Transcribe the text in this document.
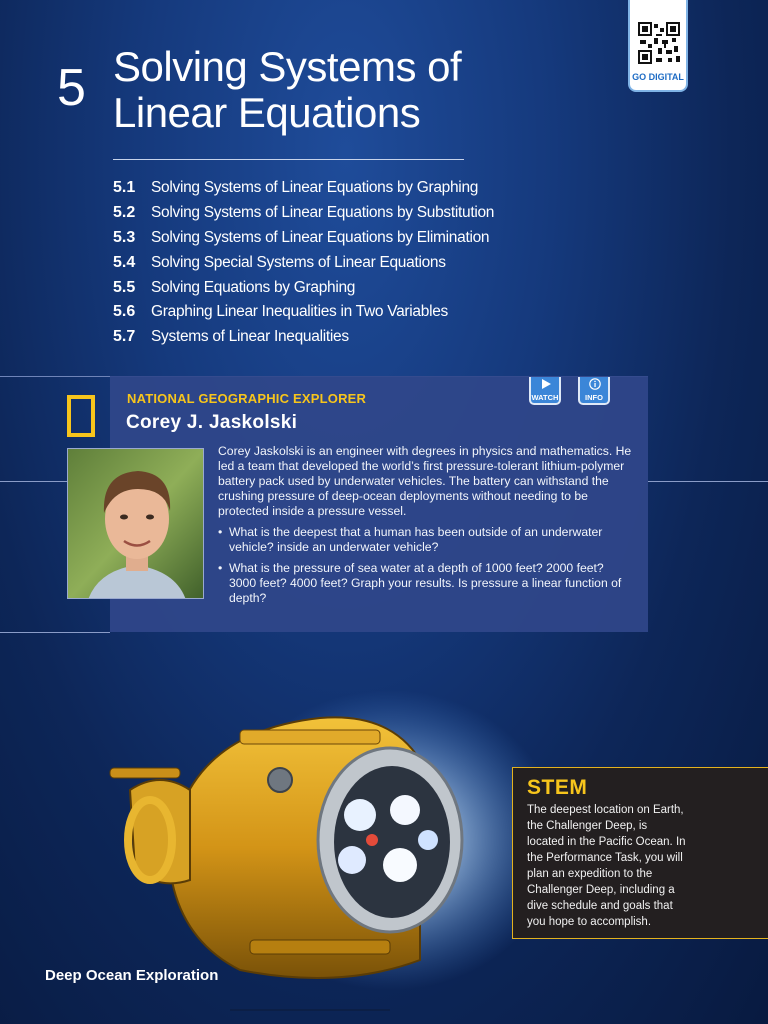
5 Solving Systems of
Linear Equations
5.1	Solving Systems of Linear Equations by Graphing
5.2	Solving Systems of Linear Equations by Substitution
5.3	Solving Systems of Linear Equations by Elimination
5.4	Solving Special Systems of Linear Equations
5.5	Solving Equations by Graphing
5.6	Graphing Linear Inequalities in Two Variables
5.7	Systems of Linear Inequalities
GO DIGITAL
NATIONAL GEOGRAPHIC EXPLORER
Corey J. Jaskolski
WATCH	INFO
Corey Jaskolski is an engineer with degrees in physics and mathematics. He led a team that developed the world’s first pressure-tolerant lithium-polymer battery pack used by underwater vehicles. The battery can withstand the crushing pressure of deep-ocean deployments without needing to be protected inside a pressure vessel.
• What is the deepest that a human has been outside of an underwater vehicle? inside an underwater vehicle?
• What is the pressure of sea water at a depth of 1000 feet? 2000 feet? 3000 feet? 4000 feet? Graph your results. Is pressure a linear function of depth?
STEM
The deepest location on Earth, the Challenger Deep, is located in the Pacific Ocean. In the Performance Task, you will plan an expedition to the Challenger Deep, including a dive schedule and goals that you hope to accomplish.
Deep Ocean Exploration
